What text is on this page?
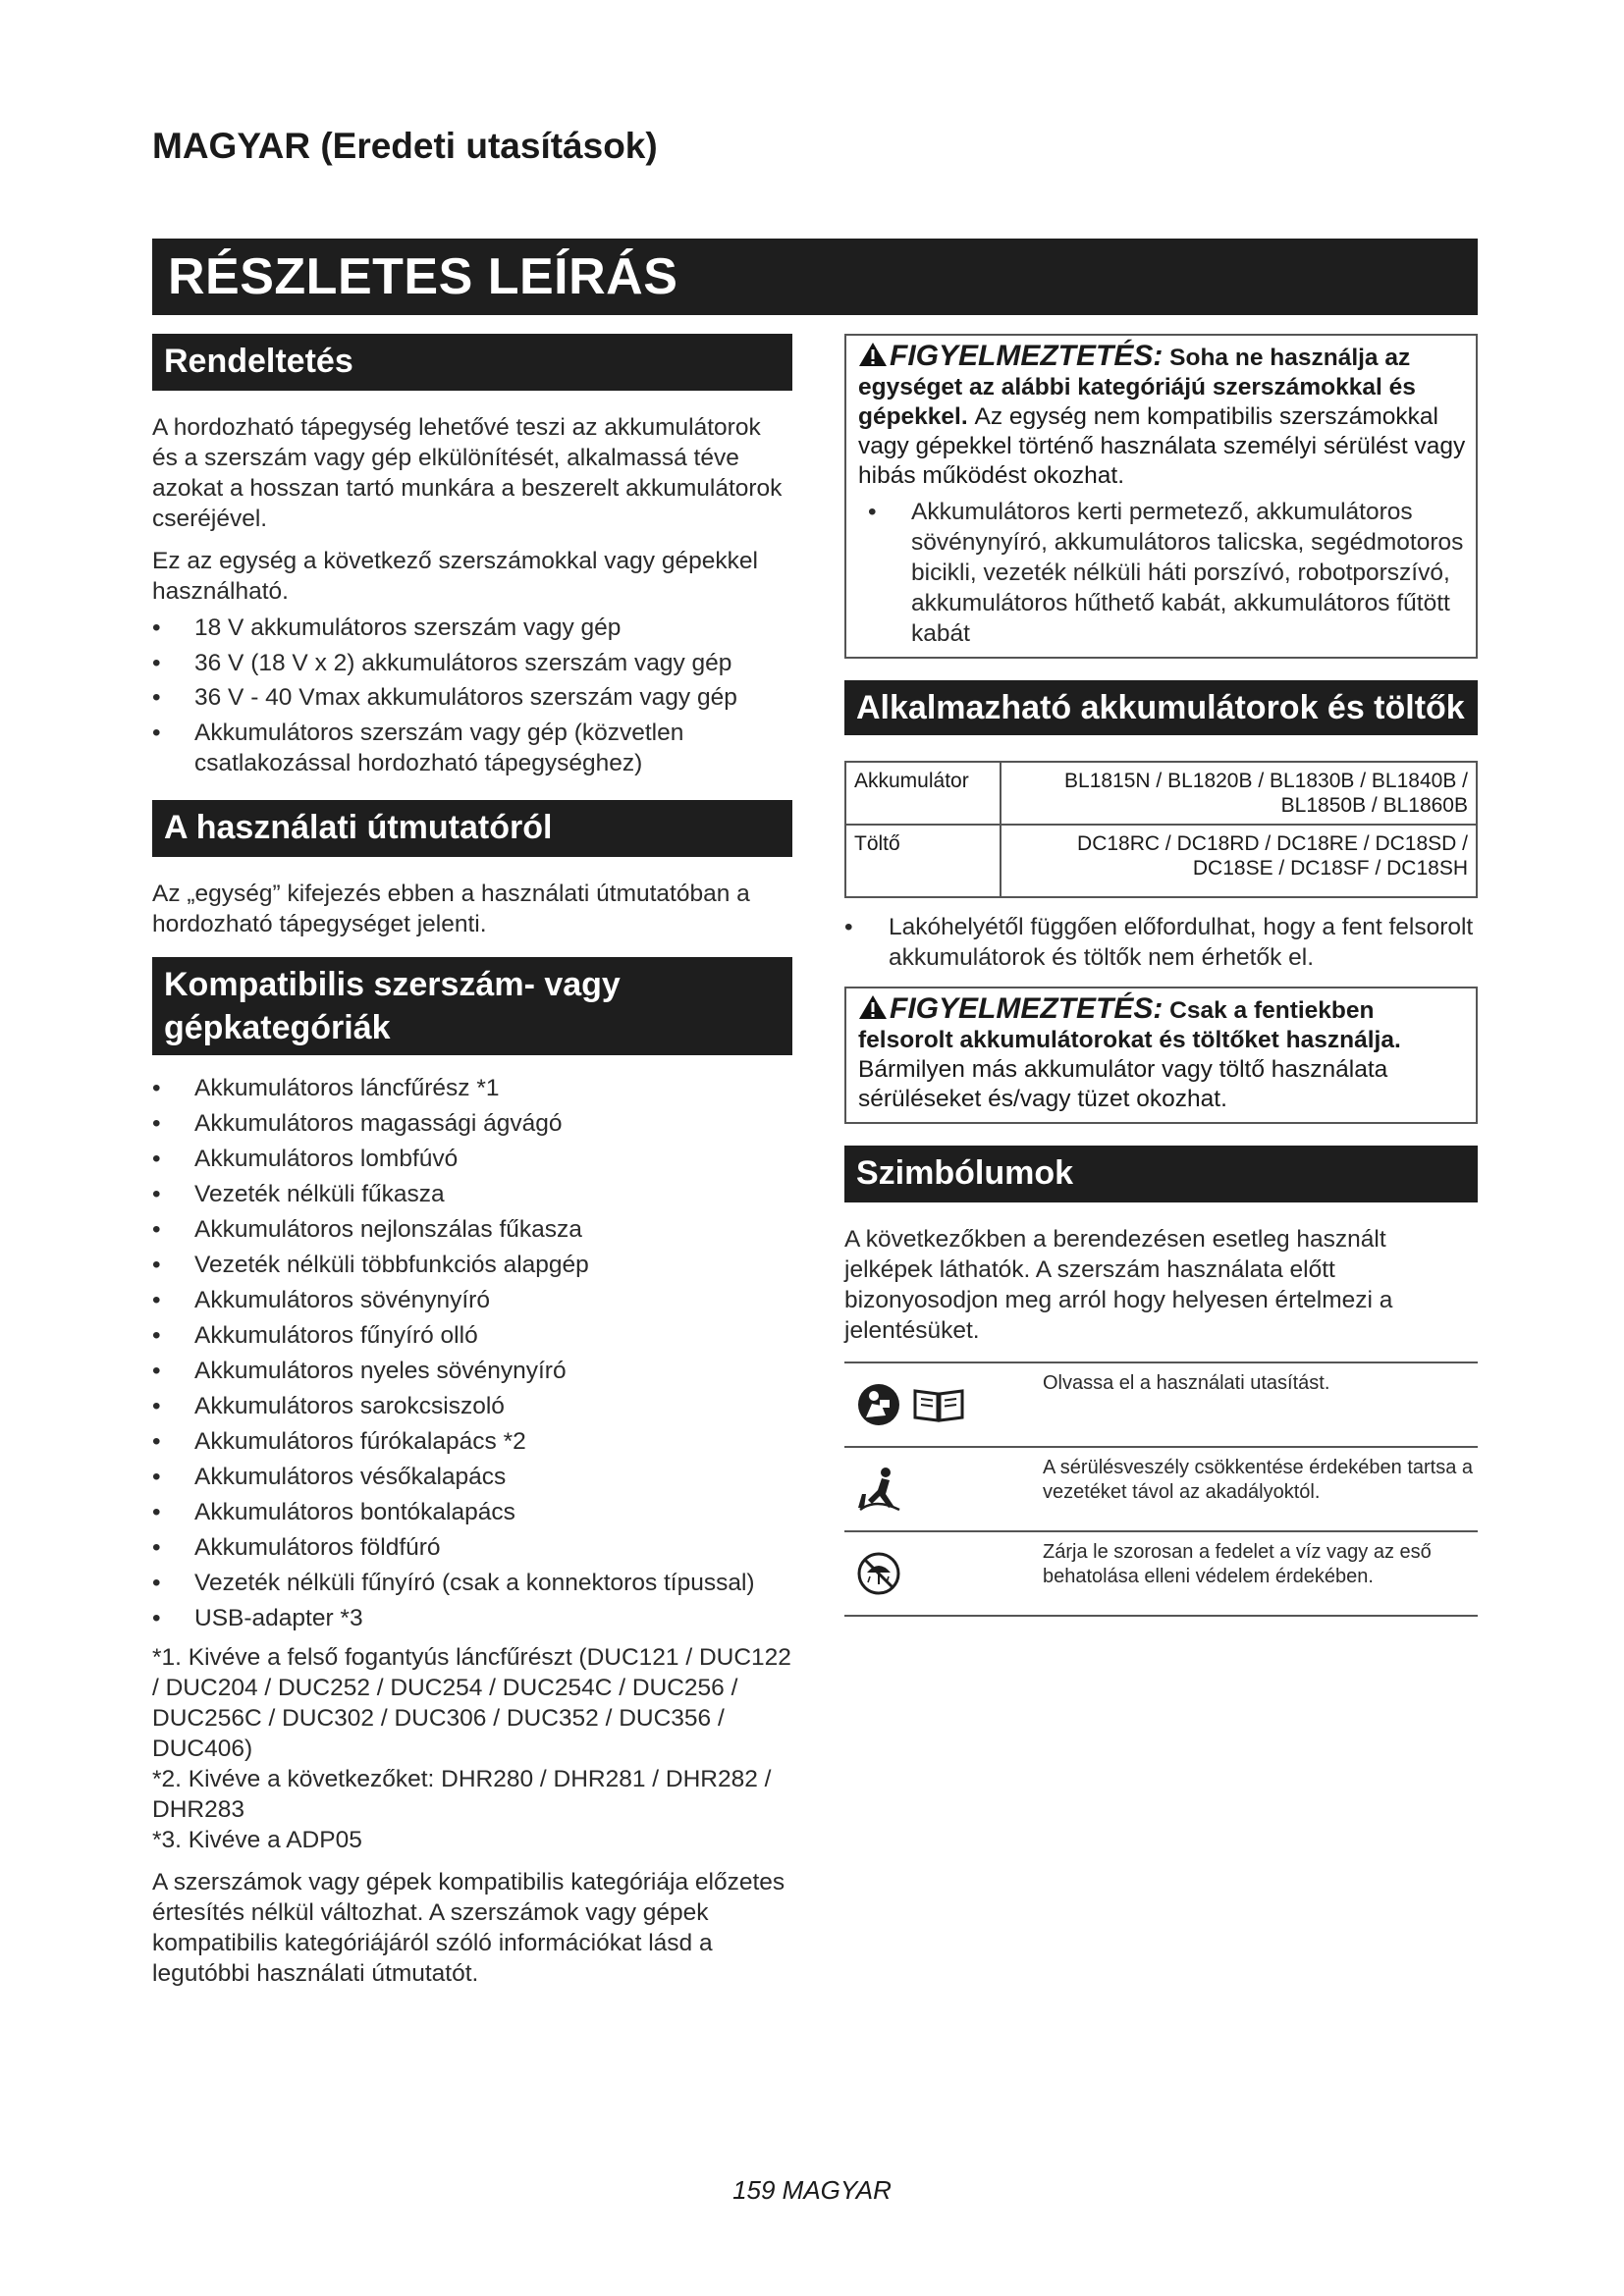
MAGYAR (Eredeti utasítások)
RÉSZLETES LEÍRÁS
Rendeltetés

A hordozható tápegység lehetővé teszi az akkumulátorok és a szerszám vagy gép elkülönítését, alkalmassá téve azokat a hosszan tartó munkára a beszerelt akkumulátorok cseréjével.

Ez az egység a következő szerszámokkal vagy gépekkel használható.

•	18 V akkumulátoros szerszám vagy gép
•	36 V (18 V x 2) akkumulátoros szerszám vagy gép
•	36 V - 40 Vmax akkumulátoros szerszám vagy gép
•	Akkumulátoros szerszám vagy gép (közvetlen csatlakozással hordozható tápegységhez)
A használati útmutatóról

Az „egység” kifejezés ebben a használati útmutatóban a hordozható tápegységet jelenti.

Kompatibilis szerszám- vagy gépkategóriák
•	Akkumulátoros láncfűrész *1
•	Akkumulátoros magassági ágvágó
•	Akkumulátoros lombfúvó
•	Vezeték nélküli fűkasza
•	Akkumulátoros nejlonszálas fűkasza
•	Vezeték nélküli többfunkciós alapgép
•	Akkumulátoros sövénynyíró
•	Akkumulátoros fűnyíró olló
•	Akkumulátoros nyeles sövénynyíró
•	Akkumulátoros sarokcsiszoló
•	Akkumulátoros fúrókalapács *2
•	Akkumulátoros vésőkalapács
•	Akkumulátoros bontókalapács
•	Akkumulátoros földfúró
•	Vezeték nélküli fűnyíró (csak a konnektoros típussal)
•	USB-adapter *3

*1. Kivéve a felső fogantyús láncfűrészt (DUC121 / DUC122 / DUC204 / DUC252 / DUC254 / DUC254C / DUC256 / DUC256C / DUC302 / DUC306 / DUC352 / DUC356 / DUC406)

*2. Kivéve a következőket: DHR280 / DHR281 / DHR282 / DHR283

*3. Kivéve a ADP05

A szerszámok vagy gépek kompatibilis kategóriája előzetes értesítés nélkül változhat. A szerszámok vagy gépek kompatibilis kategóriájáról szóló információkat lásd a legutóbbi használati útmutatót.

FIGYELMEZTETÉS: Soha ne használja az egységet az alábbi kategóriájú szerszámokkal és gépekkel. Az egység nem kompatibilis szerszámokkal vagy gépekkel történő használata személyi sérülést vagy hibás működést okozhat.
•	Akkumulátoros kerti permetező, akkumulátoros sövénynyíró, akkumulátoros talicska, segédmotoros bicikli, vezeték nélküli háti porszívó, robotporszívó, akkumulátoros hűthető kabát, akkumulátoros fűtött kabát
Alkalmazható akkumulátorok és töltők
Akkumulátor	BL1815N / BL1820B / BL1830B / BL1840B / BL1850B / BL1860B
Töltő	DC18RC / DC18RD / DC18RE / DC18SD / DC18SE / DC18SF / DC18SH
•	Lakóhelyétől függően előfordulhat, hogy a fent felsorolt akkumulátorok és töltők nem érhetők el.
FIGYELMEZTETÉS: Csak a fentiekben felsorolt akkumulátorokat és töltőket használja. Bármilyen más akkumulátor vagy töltő használata sérüléseket és/vagy tüzet okozhat.
Szimbólumok

A következőkben a berendezésen esetleg használt jelképek láthatók. A szerszám használata előtt bizonyosodjon meg arról hogy helyesen értelmezi a jelentésüket.

Olvassa el a használati utasítást.
A sérülésveszély csökkentése érdekében tartsa a vezetéket távol az akadályoktól.
Zárja le szorosan a fedelet a víz vagy az eső behatolása elleni védelem érdekében.
159 MAGYAR
